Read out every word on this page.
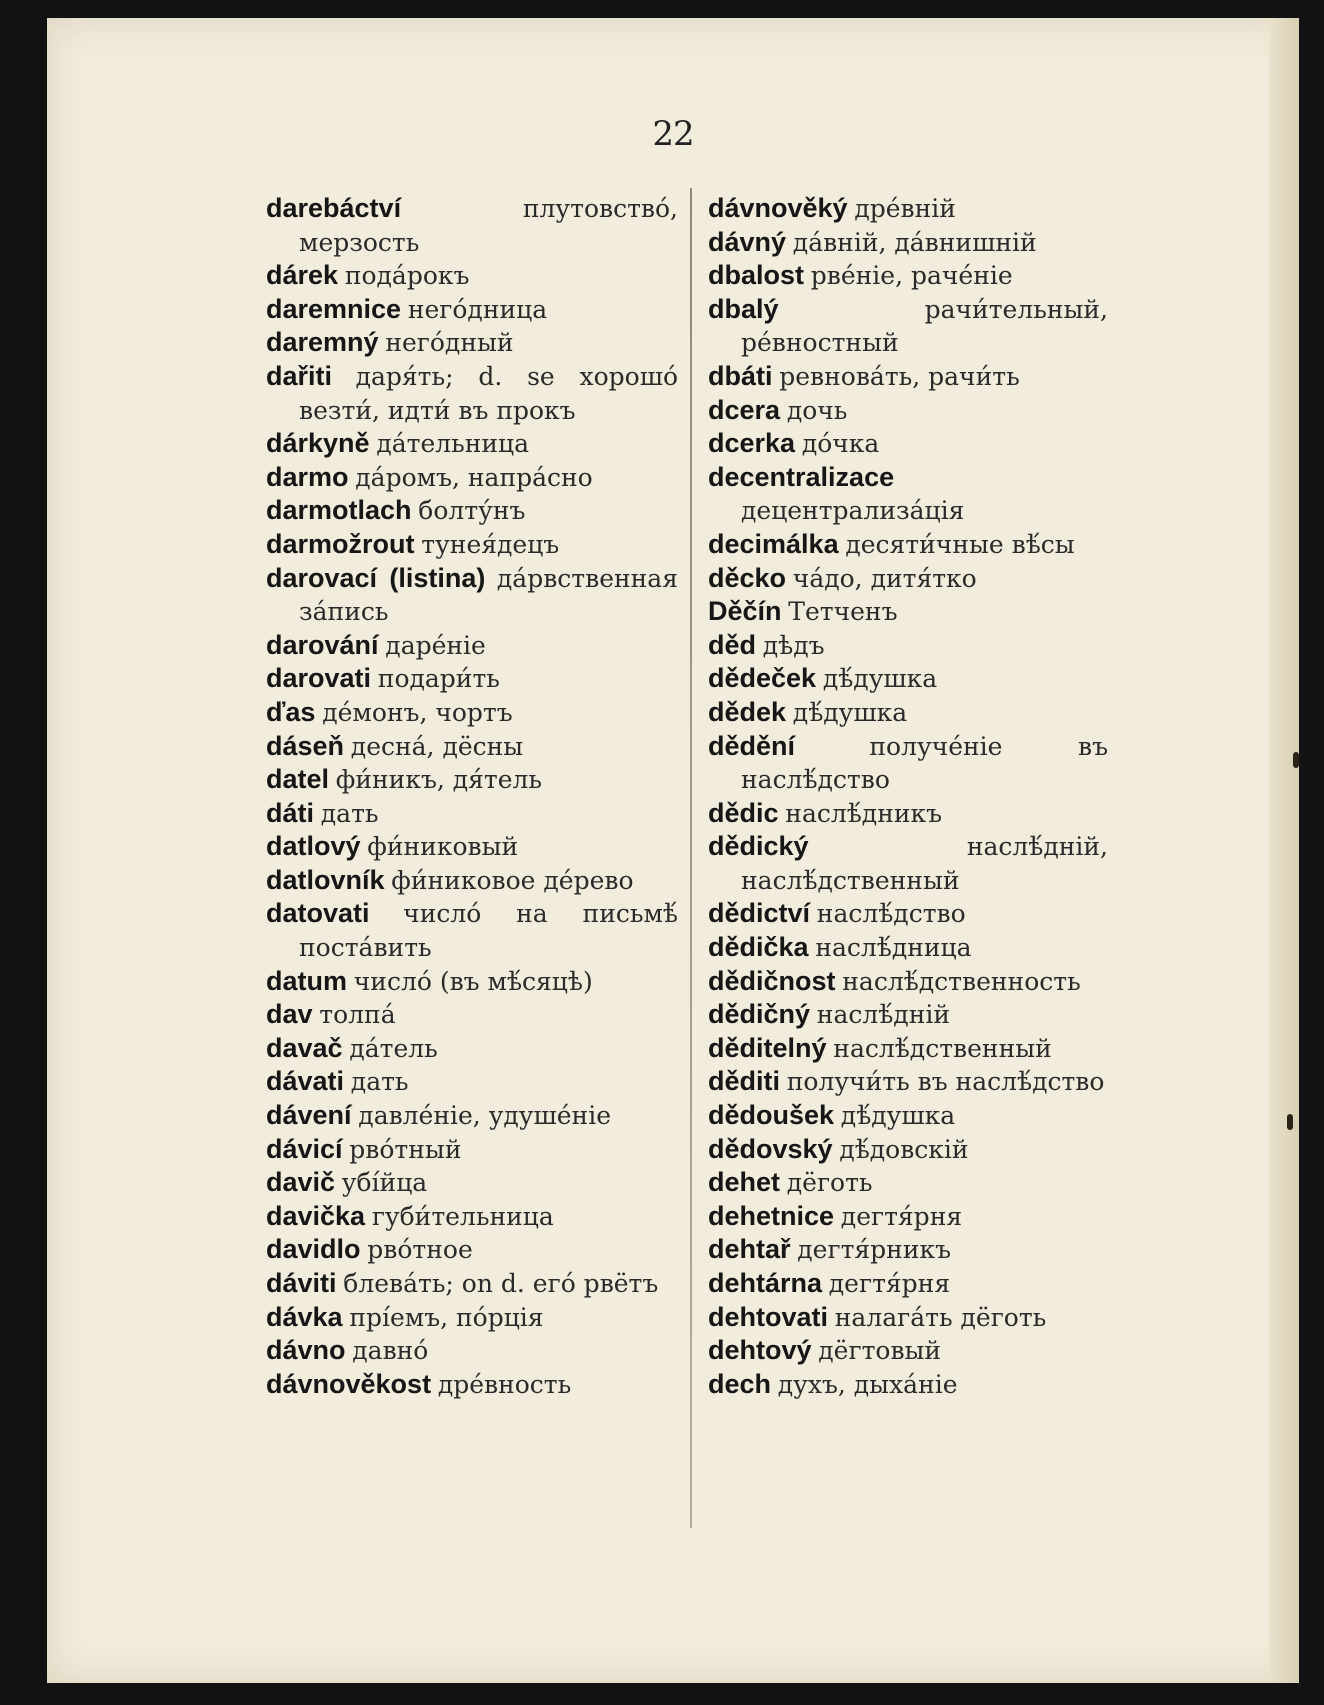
22
darebáctví	плутовство́, мерзость
dárek пода́рокъ
daremnice него́дница
daremný него́дный
dařiti даря́ть; d. se хорошо́ везти́, идти́ въ прокъ
dárkyně да́тельница
darmo да́ромъ, напра́сно
darmotlach болту́нъ
darmožrout тунея́децъ
darovací (listina) да́рвственная за́пись
darování даре́ніе
darovati подари́ть
ďas де́монъ, чортъ
dáseň десна́, дёсны
datel фи́никъ, дя́тель
dáti дать
datlový фи́никовый
datlovník фи́никовое де́рево
datovati число́ на письмѣ́ поста́вить
datum число́ (въ мѣ́сяцѣ)
dav толпа́
davač да́тель
dávati дать
dávení давле́ніе, удуше́ніе
dávicí рво́тный
davič убі́йца
davička губи́тельница
davidlo рво́тное
dáviti блева́ть; on d. его́ рвётъ
dávka прі́емъ, по́рція
dávno давно́
dávnověkost дре́вность
dávnověký дре́вній
dávný да́вній, да́внишній
dbalost рве́ніе, раче́ніе
dbalý	рачи́тельный, ре́вностный
dbáti ревнова́ть, рачи́ть
dcera дочь
dcerka до́чка
decentralizace децентрализа́ція
decimálka десяти́чные вѣ́сы
děcko ча́до, дитя́тко
Děčín Тетченъ
děd дѣдъ
dědeček дѣ́душка
dědek дѣ́душка
dědění	получе́ніе въ наслѣ́дство
dědic наслѣ́дникъ
dědický	наслѣ́дній, наслѣ́дственный
dědictví наслѣ́дство
dědička наслѣ́дница
dědičnost наслѣ́дственность
dědičný наслѣ́дній
děditelný наслѣ́дственный
děditi получи́ть въ наслѣ́дство
dědoušek дѣ́душка
dědovský дѣ́довскій
dehet дёготь
dehetnice дегтя́рня
dehtař дегтя́рникъ
dehtárna дегтя́рня
dehtovati налага́ть дёготь
dehtový дёгтовый
dech духъ, дыха́ніе
